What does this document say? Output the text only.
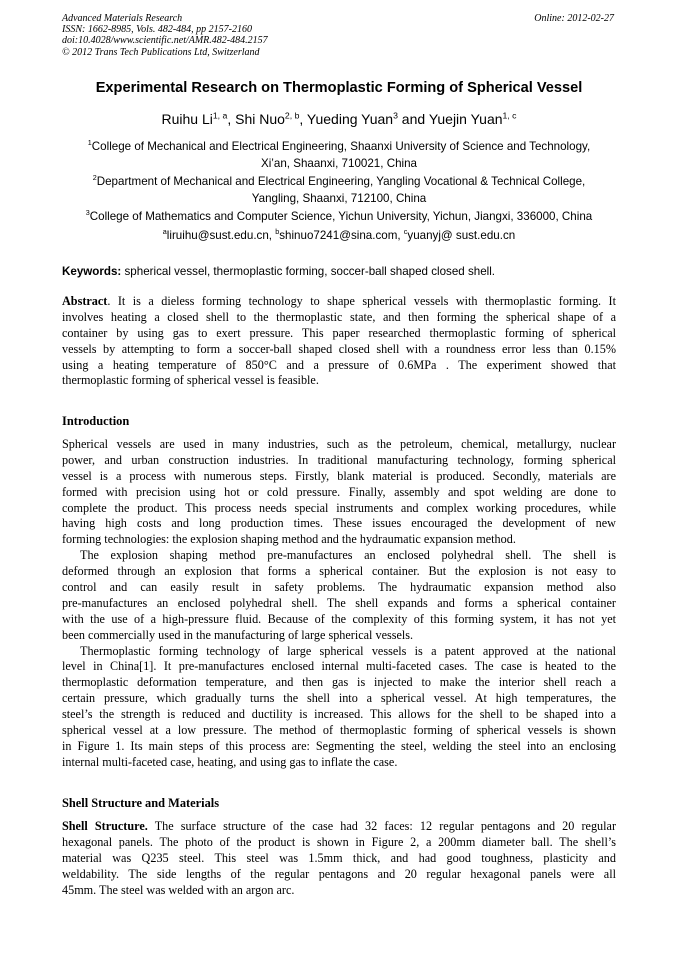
Advanced Materials Research
ISSN: 1662-8985, Vols. 482-484, pp 2157-2160
doi:10.4028/www.scientific.net/AMR.482-484.2157
© 2012 Trans Tech Publications Ltd, Switzerland
Online: 2012-02-27
Experimental Research on Thermoplastic Forming of Spherical Vessel
Ruihu Li$^{1, a}$, Shi Nuo$^{2, b}$, Yueding Yuan$^3$ and Yuejin Yuan$^{1, c}$
$^1$College of Mechanical and Electrical Engineering, Shaanxi University of Science and Technology,
Xi’an, Shaanxi, 710021, China
$^2$Department of Mechanical and Electrical Engineering, Yangling Vocational & Technical College,
Yangling, Shaanxi, 712100, China
$^3$College of Mathematics and Computer Science, Yichun University, Yichun, Jiangxi, 336000, China
$^a$liruihu@sust.edu.cn, $^b$shinuo7241@sina.com, $^c$yuanyj@ sust.edu.cn
Keywords: spherical vessel, thermoplastic forming, soccer-ball shaped closed shell.
Abstract. It is a dieless forming technology to shape spherical vessels with thermoplastic forming. It
involves heating a closed shell to the thermoplastic state, and then forming the spherical shape of a
container by using gas to exert pressure. This paper researched thermoplastic forming of spherical
vessels by attempting to form a soccer-ball shaped closed shell with a roundness error less than 0.15%
using a heating temperature of 850°C and a pressure of 0.6MPa . The experiment showed that
thermoplastic forming of spherical vessel is feasible.
Introduction
Spherical vessels are used in many industries, such as the petroleum, chemical, metallurgy, nuclear
power, and urban construction industries. In traditional manufacturing technology, forming spherical
vessel is a process with numerous steps. Firstly, blank material is produced. Secondly, materials are
formed with precision using hot or cold pressure. Finally, assembly and spot welding are done to
complete the product. This process needs special instruments and complex working procedures, while
having high costs and long production times. These issues encouraged the development of new
forming technologies: the explosion shaping method and the hydraumatic expansion method.
The explosion shaping method pre-manufactures an enclosed polyhedral shell. The shell is
deformed through an explosion that forms a spherical container. But the explosion is not easy to
control and can easily result in safety problems. The hydraumatic expansion method also
pre-manufactures an enclosed polyhedral shell. The shell expands and forms a spherical container
with the use of a high-pressure fluid. Because of the complexity of this forming system, it has not yet
been commercially used in the manufacturing of large spherical vessels.
Thermoplastic forming technology of large spherical vessels is a patent approved at the national
level in China[1]. It pre-manufactures enclosed internal multi-faceted cases. The case is heated to the
thermoplastic deformation temperature, and then gas is injected to make the interior shell reach a
certain pressure, which gradually turns the shell into a spherical vessel. At high temperatures, the
steel’s the strength is reduced and ductility is increased. This allows for the shell to be shaped into a
spherical vessel at a low pressure. The method of thermoplastic forming of spherical vessels is shown
in Figure 1. Its main steps of this process are: Segmenting the steel, welding the steel into an enclosing
internal multi-faceted case, heating, and using gas to inflate the case.
Shell Structure and Materials
Shell Structure. The surface structure of the case had 32 faces: 12 regular pentagons and 20 regular
hexagonal panels. The photo of the product is shown in Figure 2, a 200mm diameter ball. The shell’s
material was Q235 steel. This steel was 1.5mm thick, and had good toughness, plasticity and
weldability. The side lengths of the regular pentagons and 20 regular hexagonal panels were all
45mm. The steel was welded with an argon arc.
